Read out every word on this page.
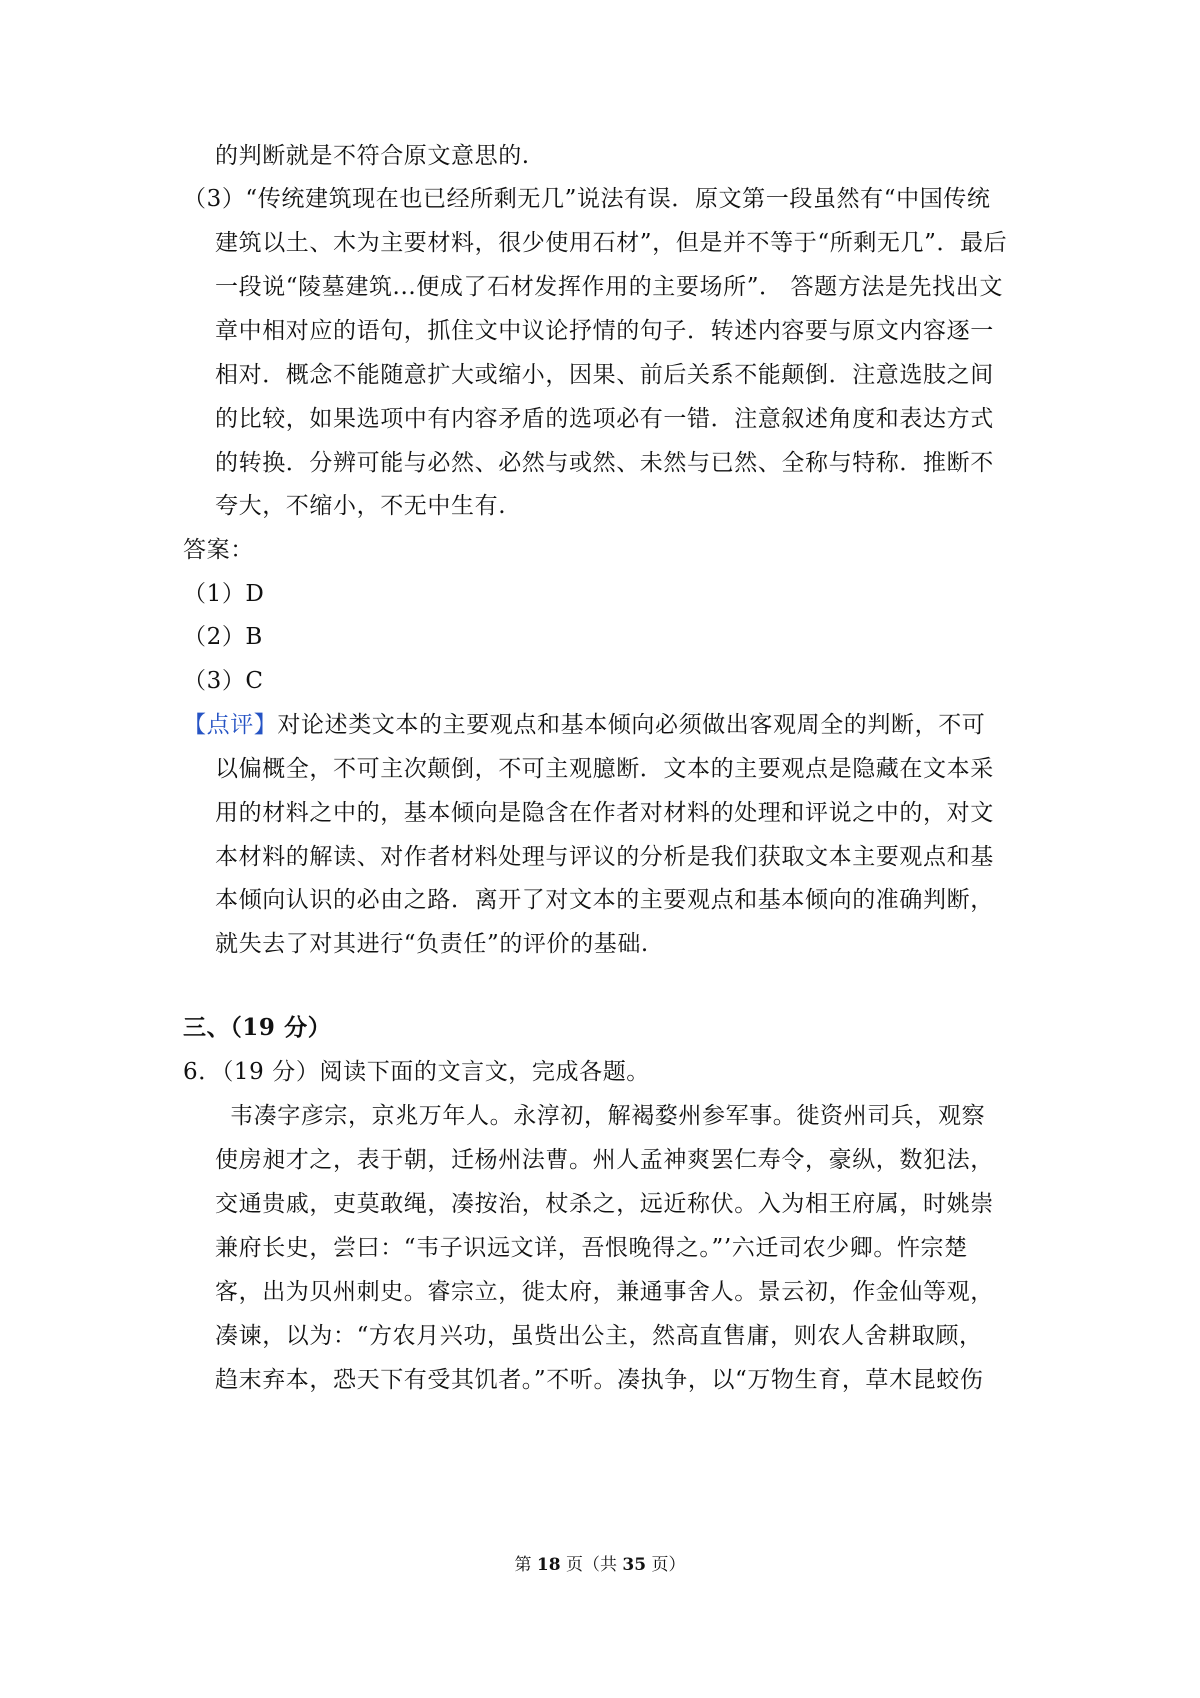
的判断就是不符合原文意思的.
（3）“传统建筑现在也已经所剩无几”说法有误．原文第一段虽然有“中国传统
建筑以土、木为主要材料，很少使用石材”，但是并不等于“所剩无几”．最后
一段说“陵墓建筑...便成了石材发挥作用的主要场所”． 答题方法是先找出文
章中相对应的语句，抓住文中议论抒情的句子．转述内容要与原文内容逐一
相对．概念不能随意扩大或缩小，因果、前后关系不能颠倒．注意选肢之间
的比较，如果选项中有内容矛盾的选项必有一错．注意叙述角度和表达方式
的转换．分辨可能与必然、必然与或然、未然与已然、全称与特称．推断不
夸大，不缩小，不无中生有.
答案：
（1）D
（2）B
（3）C
【点评】对论述类文本的主要观点和基本倾向必须做出客观周全的判断，不可
以偏概全，不可主次颠倒，不可主观臆断．文本的主要观点是隐藏在文本采
用的材料之中的，基本倾向是隐含在作者对材料的处理和评说之中的，对文
本材料的解读、对作者材料处理与评议的分析是我们获取文本主要观点和基
本倾向认识的必由之路．离开了对文本的主要观点和基本倾向的准确判断，
就失去了对其进行“负责任”的评价的基础.
三、（19 分）
6．（19 分）阅读下面的文言文，完成各题。
韦凑字彦宗，京兆万年人。永淳初，解褐婺州参军事。徙资州司兵，观察
使房昶才之，表于朝，迁杨州法曹。州人孟神爽罢仁寿令，豪纵，数犯法，
交通贵戚，吏莫敢绳，凑按治，杖杀之，远近称伏。入为相王府属，时姚崇
兼府长史，尝曰：“韦子识远文详，吾恨晚得之。”’六迁司农少卿。忤宗楚
客，出为贝州刺史。睿宗立，徙太府，兼通事舍人。景云初，作金仙等观，
凑谏，以为：“方农月兴功，虽赀出公主，然高直售庸，则农人舍耕取顾，
趋末弃本，恐天下有受其饥者。”不听。凑执争，以“万物生育，草木昆蛟伤
第 18 页（共 35 页）
